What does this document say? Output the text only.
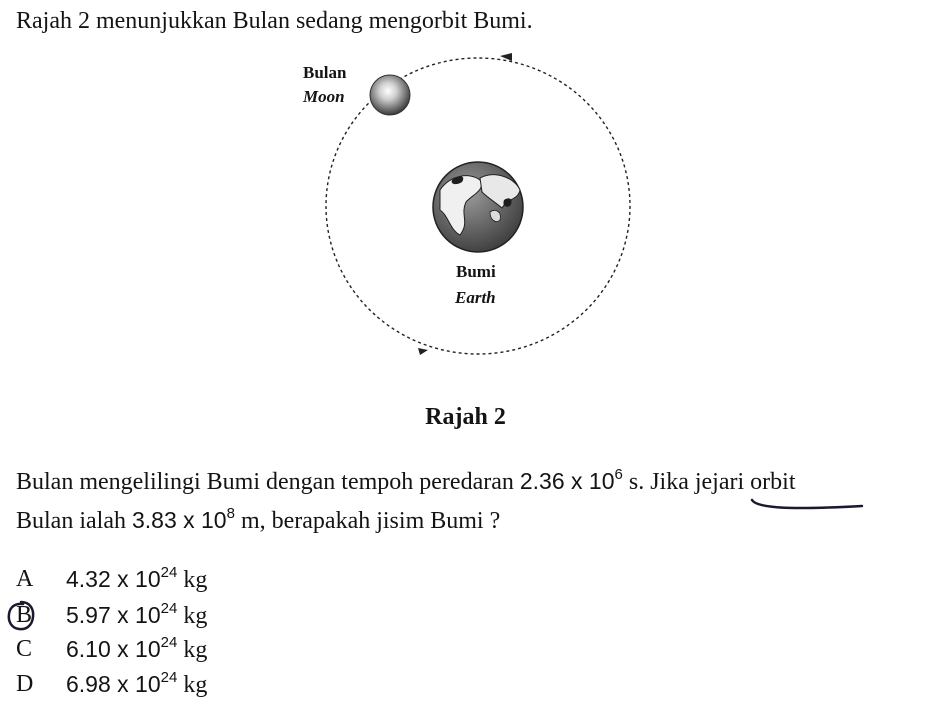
Rajah 2 menunjukkan Bulan sedang mengorbit Bumi.
Bulan
Moon
Bumi
Earth
Rajah 2
Bulan mengelilingi Bumi dengan tempoh peredaran 2.36 x $10^6$ s. Jika jejari orbit
Bulan ialah 3.83 x $10^8$ m, berapakah jisim Bumi ?
A	4.32 x $10^{24}$ kg
B	5.97 x $10^{24}$ kg
C	6.10 x $10^{24}$ kg
D	6.98 x $10^{24}$ kg
